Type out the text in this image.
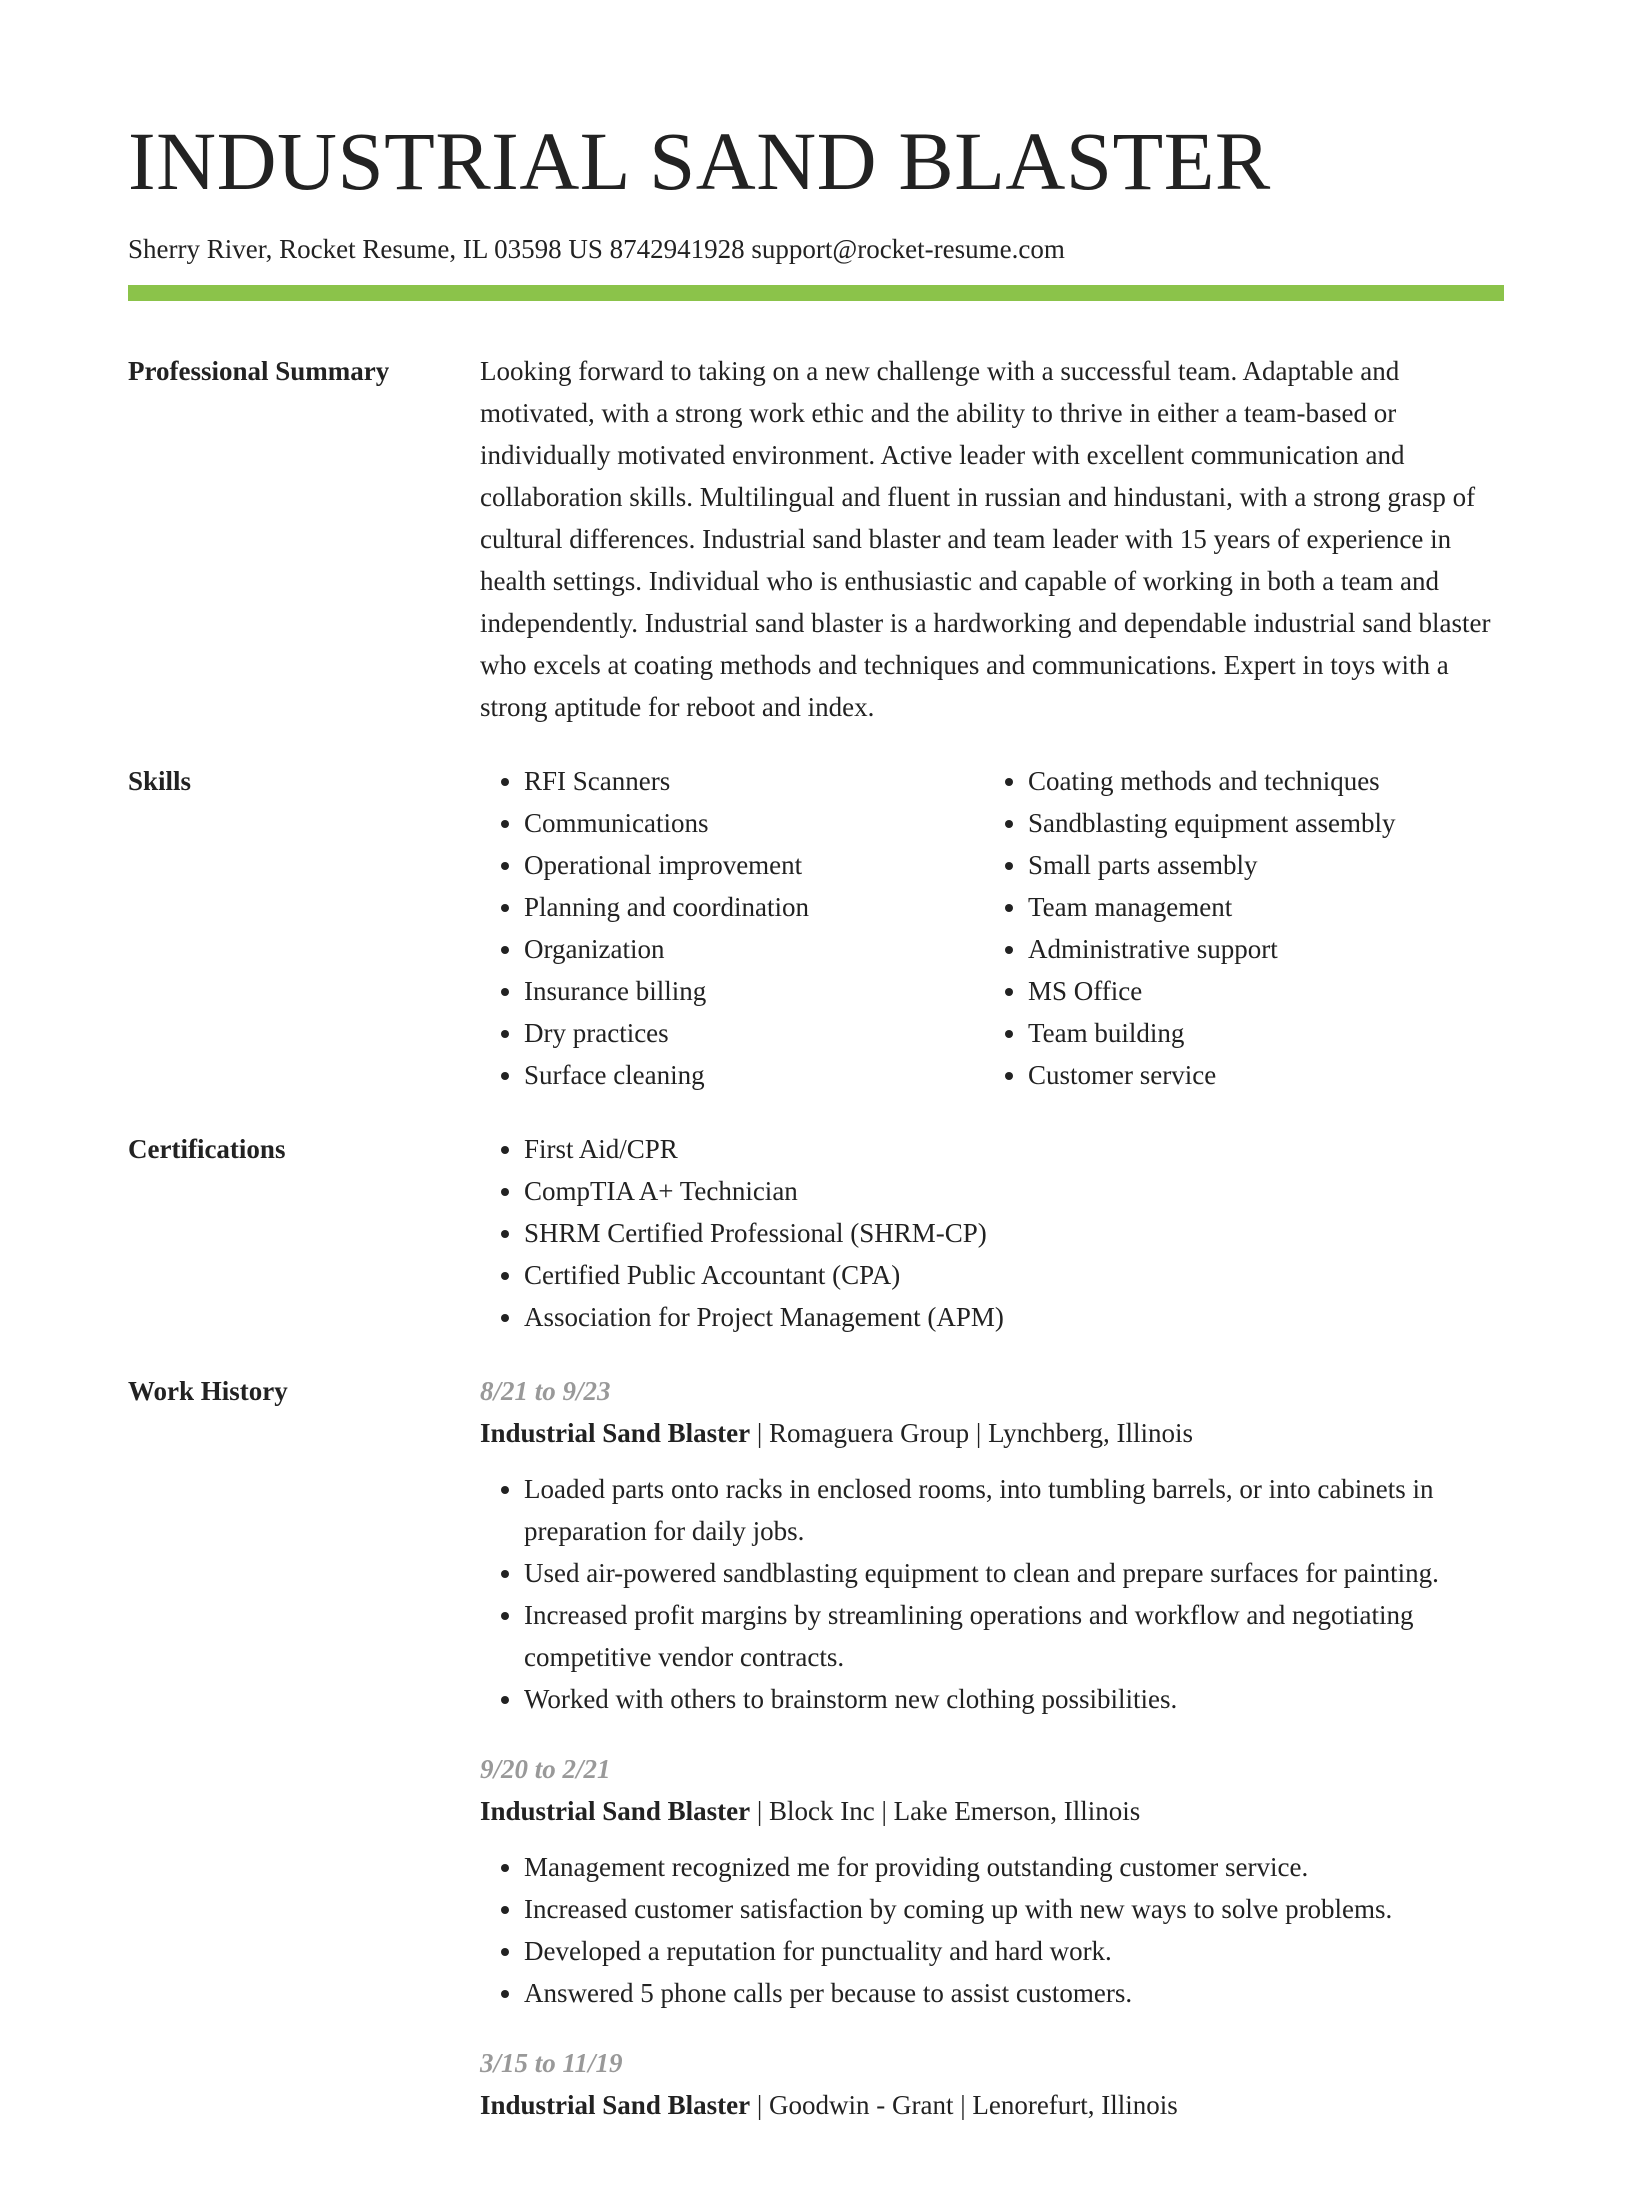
INDUSTRIAL SAND BLASTER
Sherry River, Rocket Resume, IL 03598 US 8742941928 support@rocket-resume.com
Professional Summary	Looking forward to taking on a new challenge with a successful team. Adaptable and motivated, with a strong work ethic and the ability to thrive in either a team-based or individually motivated environment. Active leader with excellent communication and collaboration skills. Multilingual and fluent in russian and hindustani, with a strong grasp of cultural differences. Industrial sand blaster and team leader with 15 years of experience in health settings. Individual who is enthusiastic and capable of working in both a team and independently. Industrial sand blaster is a hardworking and dependable industrial sand blaster who excels at coating methods and techniques and communications. Expert in toys with a strong aptitude for reboot and index.

Skills	• RFI Scanners
• Communications
• Operational improvement
• Planning and coordination
• Organization
• Insurance billing
• Dry practices
• Surface cleaning
• Coating methods and techniques
• Sandblasting equipment assembly
• Small parts assembly
• Team management
• Administrative support
• MS Office
• Team building
• Customer service
Certifications	• First Aid/CPR
• CompTIA A+ Technician
• SHRM Certified Professional (SHRM-CP)
• Certified Public Accountant (CPA)
• Association for Project Management (APM)
Work History	8/21 to 9/23
Industrial Sand Blaster | Romaguera Group | Lynchberg, Illinois
• Loaded parts onto racks in enclosed rooms, into tumbling barrels, or into cabinets in preparation for daily jobs.
• Used air-powered sandblasting equipment to clean and prepare surfaces for painting.
• Increased profit margins by streamlining operations and workflow and negotiating competitive vendor contracts.
• Worked with others to brainstorm new clothing possibilities.
9/20 to 2/21
Industrial Sand Blaster | Block Inc | Lake Emerson, Illinois
• Management recognized me for providing outstanding customer service.
• Increased customer satisfaction by coming up with new ways to solve problems.
• Developed a reputation for punctuality and hard work.
• Answered 5 phone calls per because to assist customers.
3/15 to 11/19
Industrial Sand Blaster | Goodwin - Grant | Lenorefurt, Illinois
